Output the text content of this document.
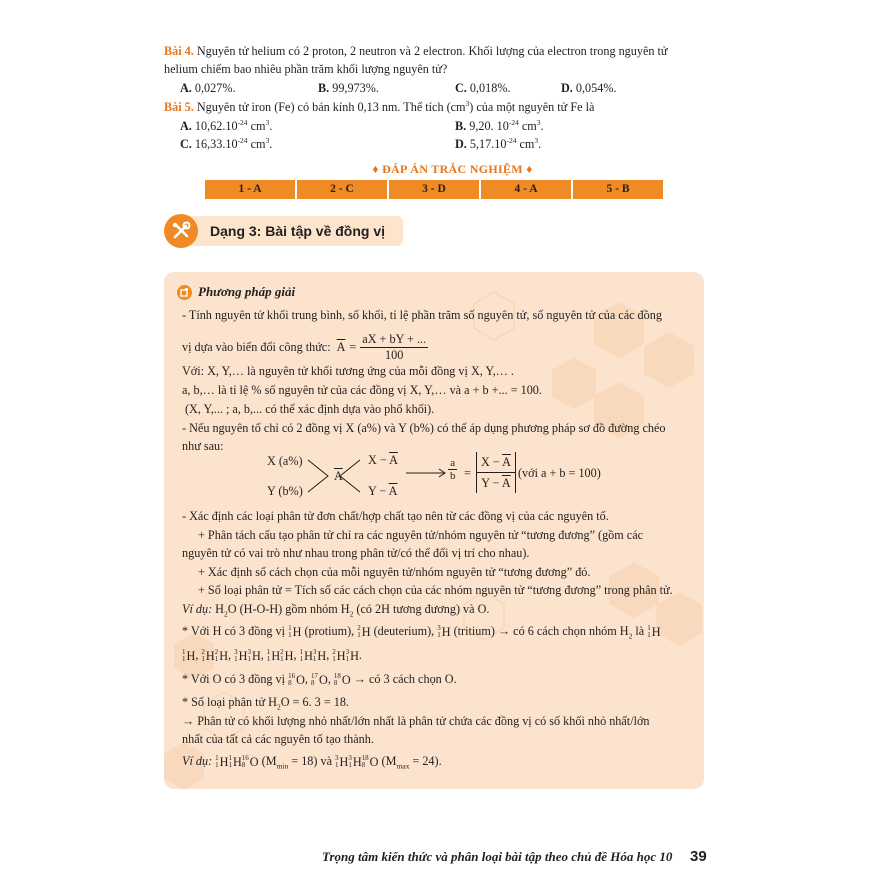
Bài 4. Nguyên tử helium có 2 proton, 2 neutron và 2 electron. Khối lượng của electron trong nguyên tử
helium chiếm bao nhiêu phần trăm khối lượng nguyên tử?
A. 0,027%.	B. 99,973%.	C. 0,018%.	D. 0,054%.
Bài 5. Nguyên tử iron (Fe) có bán kính 0,13 nm. Thể tích $(cm^3)$ của một nguyên tử Fe là
A. $10,62.10^{-24}$ $cm^3$.	B. 9,20. $10^{-24}$ $cm^3$.
C. $16,33.10^{-24}$ $cm^3$.	D. $5,17.10^{-24}$ $cm^3$.
♦ ĐÁP ÁN TRẮC NGHIỆM ♦
1 - A	2 - C	3 - D	4 - A	5 - B
Dạng 3: Bài tập về đồng vị
Phương pháp giải
- Tính nguyên tử khối trung bình, số khối, tỉ lệ phần trăm số nguyên tử, số nguyên tử của các đồng
vị dựa vào biến đổi công thức: $\overline{A} = \frac{aX + bY + ...}{100}$
Với: X, Y,… là nguyên tử khối tương ứng của mỗi đồng vị X, Y,… .
a, b,… là tỉ lệ % số nguyên tử của các đồng vị X, Y,… và a + b +... = 100.
(X, Y,... ; a, b,... có thể xác định dựa vào phổ khối).
- Nếu nguyên tố chỉ có 2 đồng vị X (a%) và Y (b%) có thể áp dụng phương pháp sơ đồ đường chéo
như sau:
X (a%)
Y (b%)
$\overline{A}$
$X - \overline{A}$
$Y - \overline{A}$
$\frac{a}{b}$ =
$X - \overline{A}$
$Y - \overline{A}$
(với a + b = 100)
- Xác định các loại phân tử đơn chất/hợp chất tạo nên từ các đồng vị của các nguyên tố.
+ Phân tách cấu tạo phân tử chỉ ra các nguyên tử/nhóm nguyên tử “tương đương” (gồm các
nguyên tử có vai trò như nhau trong phân tử/có thể đổi vị trí cho nhau).
+ Xác định số cách chọn của mỗi nguyên tử/nhóm nguyên tử “tương đương” đó.
+ Số loại phân tử = Tích số các cách chọn của các nhóm nguyên tử “tương đương” trong phân tử.
Ví dụ: $H_2O$ (H-O-H) gồm nhóm $H_2$ (có 2H tương đương) và O.
* Với H có 3 đồng vị 1
1 H (protium), 2
1 H (deuterium), 3
1 H (tritium) → có 6 cách chọn nhóm $H_2$ là 1
1 H
1
1 H , 2
1 H 2
1 H , 3
1 H 3
1 H , 1
1 H 2
1 H , 1
1 H 3
1 H , 2
1 H 3
1 H .
* Với O có 3 đồng vị 16
8 O , 17
8 O , 18
8 O → có 3 cách chọn O.
* Số loại phân tử $H_2O = 6$. 3 = 18.
→ Phân tử có khối lượng nhỏ nhất/lớn nhất là phân tử chứa các đồng vị có số khối nhỏ nhất/lớn
nhất của tất cả các nguyên tố tạo thành.
Ví dụ: 1
1 H 1
1 H 16
8 O $(M_{min} = 18)$ và 3
1 H 3
1 H 18
8 O $(M_{max} = 24)$.
Trọng tâm kiến thức và phân loại bài tập theo chủ đề Hóa học 10 39
